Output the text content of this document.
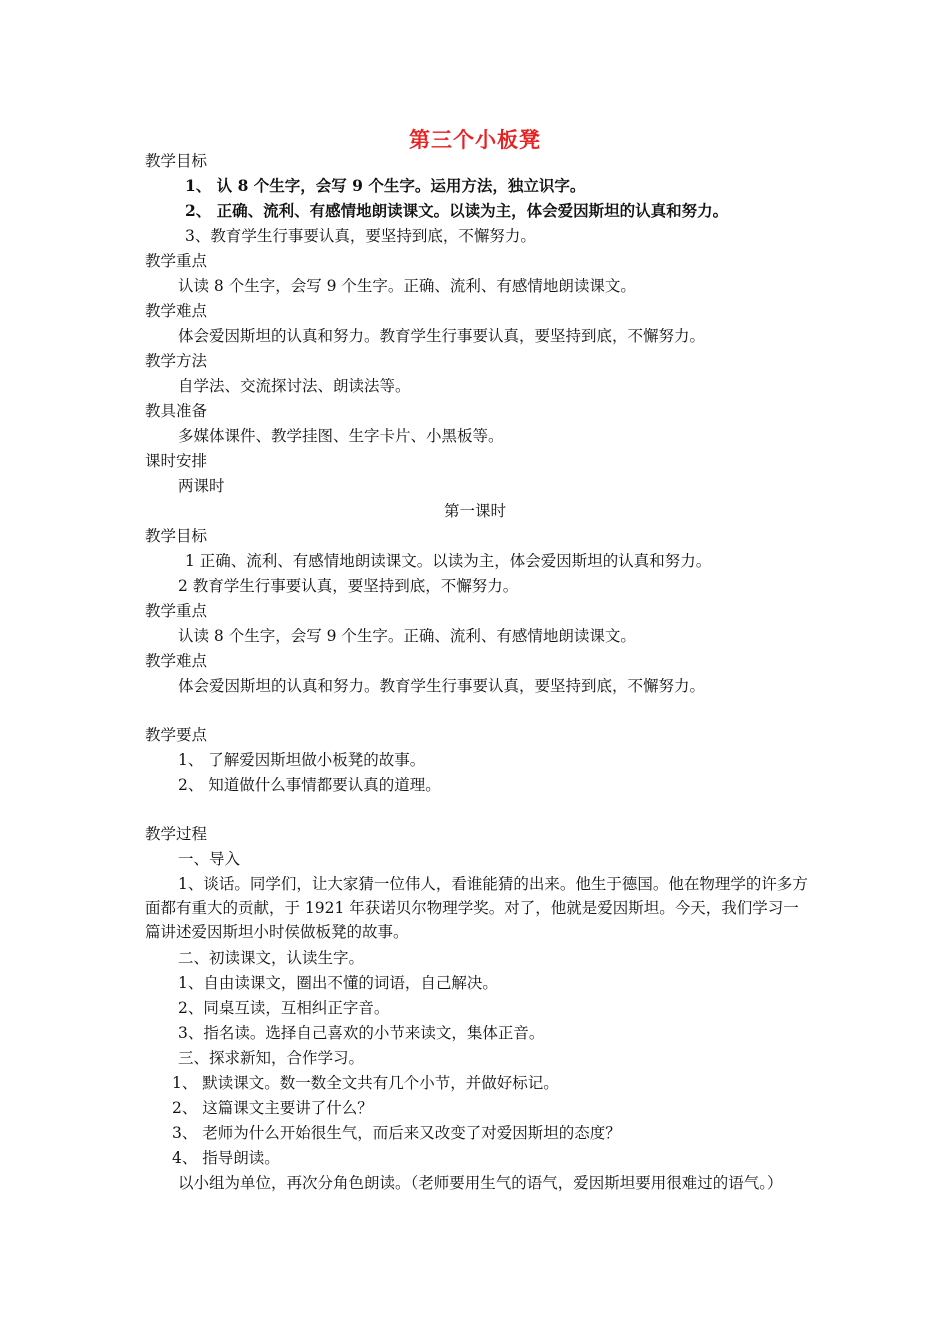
第三个小板凳
教学目标
1、 认 8 个生字，会写 9 个生字。运用方法，独立识字。
2、 正确、流利、有感情地朗读课文。以读为主，体会爱因斯坦的认真和努力。
3、教育学生行事要认真，要坚持到底，不懈努力。
教学重点
认读 8 个生字，会写 9 个生字。正确、流利、有感情地朗读课文。
教学难点
体会爱因斯坦的认真和努力。教育学生行事要认真，要坚持到底，不懈努力。
教学方法
自学法、交流探讨法、朗读法等。
教具准备
多媒体课件、教学挂图、生字卡片、小黑板等。
课时安排
两课时
第一课时
教学目标
1 正确、流利、有感情地朗读课文。以读为主，体会爱因斯坦的认真和努力。
2 教育学生行事要认真，要坚持到底，不懈努力。
教学重点
认读 8 个生字，会写 9 个生字。正确、流利、有感情地朗读课文。
教学难点
体会爱因斯坦的认真和努力。教育学生行事要认真，要坚持到底，不懈努力。
教学要点
1、 了解爱因斯坦做小板凳的故事。
2、 知道做什么事情都要认真的道理。
教学过程
一、导入
1、谈话。同学们，让大家猜一位伟人，看谁能猜的出来。他生于德国。他在物理学的许多方面都有重大的贡献，于 1921 年获诺贝尔物理学奖。对了，他就是爱因斯坦。今天，我们学习一篇讲述爱因斯坦小时侯做板凳的故事。
二、初读课文，认读生字。
1、自由读课文，圈出不懂的词语，自己解决。
2、同桌互读，互相纠正字音。
3、指名读。选择自己喜欢的小节来读文，集体正音。
三、探求新知，合作学习。
1、 默读课文。数一数全文共有几个小节，并做好标记。
2、 这篇课文主要讲了什么？
3、 老师为什么开始很生气，而后来又改变了对爱因斯坦的态度？
4、 指导朗读。
以小组为单位，再次分角色朗读。（老师要用生气的语气，爱因斯坦要用很难过的语气。）
